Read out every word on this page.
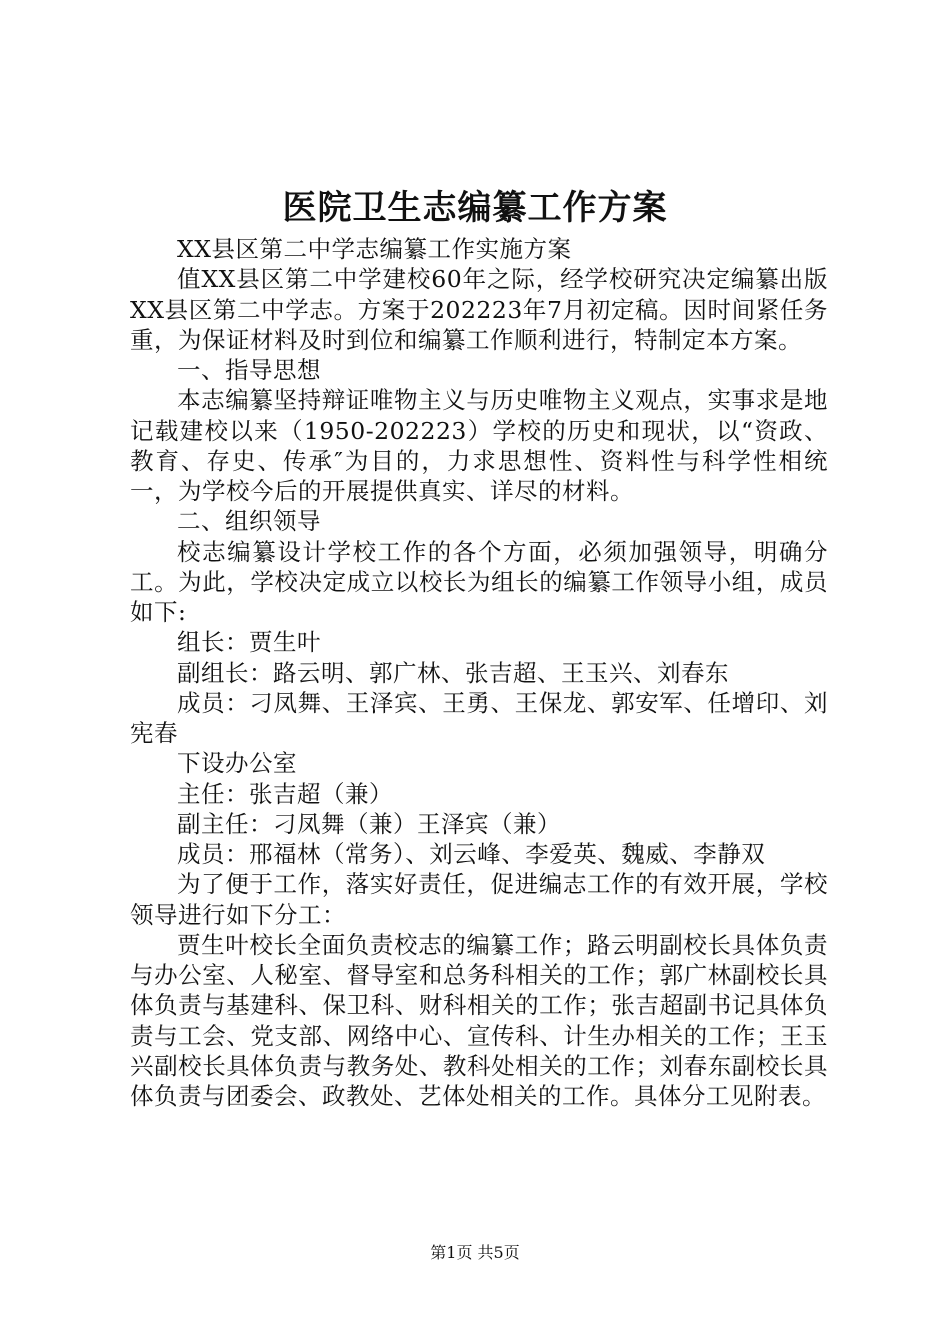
医院卫生志编纂工作方案

XX县区第二中学志编纂工作实施方案

值XX县区第二中学建校60年之际，经学校研究决定编纂出版XX县区第二中学志。方案于202223年7月初定稿。因时间紧任务重，为保证材料及时到位和编纂工作顺利进行，特制定本方案。

一、指导思想

本志编纂坚持辩证唯物主义与历史唯物主义观点，实事求是地记载建校以来（1950-202223）学校的历史和现状，以“资政、教育、存史、传承″为目的，力求思想性、资料性与科学性相统一，为学校今后的开展提供真实、详尽的材料。

二、组织领导

校志编纂设计学校工作的各个方面，必须加强领导，明确分工。为此，学校决定成立以校长为组长的编纂工作领导小组，成员如下:

组长：贾生叶

副组长：路云明、郭广林、张吉超、王玉兴、刘春东

成员：刁凤舞、王泽宾、王勇、王保龙、郭安军、任增印、刘宪春

下设办公室

主任：张吉超（兼）

副主任：刁凤舞（兼）王泽宾（兼）

成员：邢福林（常务）、刘云峰、李爱英、魏威、李静双

为了便于工作，落实好责任，促进编志工作的有效开展，学校领导进行如下分工：

贾生叶校长全面负责校志的编纂工作；路云明副校长具体负责与办公室、人秘室、督导室和总务科相关的工作；郭广林副校长具体负责与基建科、保卫科、财科相关的工作；张吉超副书记具体负责与工会、党支部、网络中心、宣传科、计生办相关的工作；王玉兴副校长具体负责与教务处、教科处相关的工作；刘春东副校长具体负责与团委会、政教处、艺体处相关的工作。具体分工见附表。

第1页 共5页
